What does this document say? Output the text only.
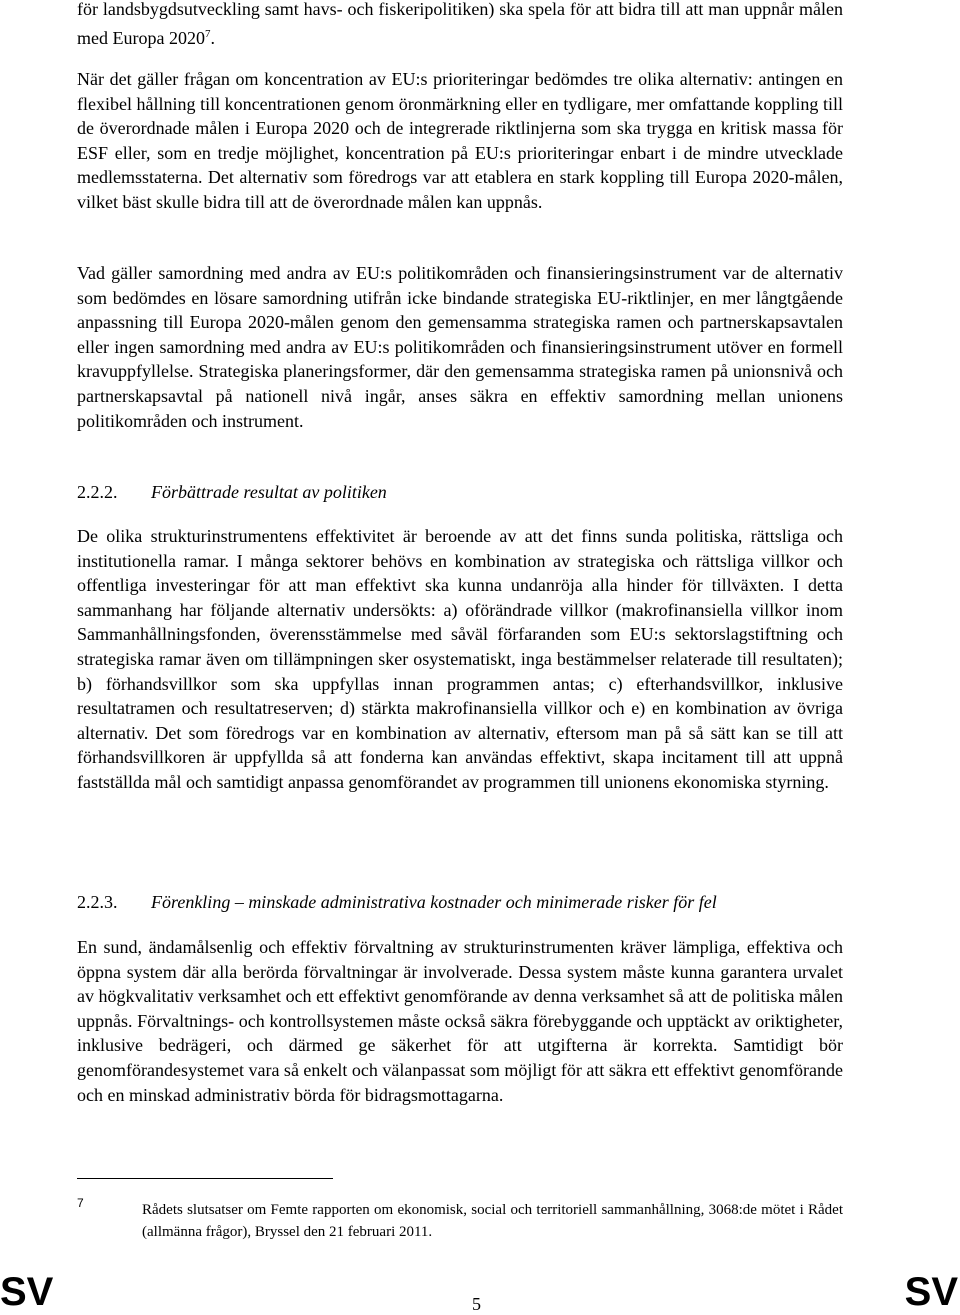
för landsbygdsutveckling samt havs- och fiskeripolitiken) ska spela för att bidra till att man uppnår målen med Europa 2020$^7$.

När det gäller frågan om koncentration av EU:s prioriteringar bedömdes tre olika alternativ: antingen en flexibel hållning till koncentrationen genom öronmärkning eller en tydligare, mer omfattande koppling till de överordnade målen i Europa 2020 och de integrerade riktlinjerna som ska trygga en kritisk massa för ESF eller, som en tredje möjlighet, koncentration på EU:s prioriteringar enbart i de mindre utvecklade medlemsstaterna. Det alternativ som föredrogs var att etablera en stark koppling till Europa 2020-målen, vilket bäst skulle bidra till att de överordnade målen kan uppnås.

Vad gäller samordning med andra av EU:s politikområden och finansieringsinstrument var de alternativ som bedömdes en lösare samordning utifrån icke bindande strategiska EU-riktlinjer, en mer långtgående anpassning till Europa 2020-målen genom den gemensamma strategiska ramen och partnerskapsavtalen eller ingen samordning med andra av EU:s politikområden och finansieringsinstrument utöver en formell kravuppfyllelse. Strategiska planeringsformer, där den gemensamma strategiska ramen på unionsnivå och partnerskapsavtal på nationell nivå ingår, anses säkra en effektiv samordning mellan unionens politikområden och instrument.

2.2.2. Förbättrade resultat av politiken

De olika strukturinstrumentens effektivitet är beroende av att det finns sunda politiska, rättsliga och institutionella ramar. I många sektorer behövs en kombination av strategiska och rättsliga villkor och offentliga investeringar för att man effektivt ska kunna undanröja alla hinder för tillväxten. I detta sammanhang har följande alternativ undersökts: a) oförändrade villkor (makrofinansiella villkor inom Sammanhållningsfonden, överensstämmelse med såväl förfaranden som EU:s sektorslagstiftning och strategiska ramar även om tillämpningen sker osystematiskt, inga bestämmelser relaterade till resultaten); b) förhandsvillkor som ska uppfyllas innan programmen antas; c) efterhandsvillkor, inklusive resultatramen och resultatreserven; d) stärkta makrofinansiella villkor och e) en kombination av övriga alternativ. Det som föredrogs var en kombination av alternativ, eftersom man på så sätt kan se till att förhandsvillkoren är uppfyllda så att fonderna kan användas effektivt, skapa incitament till att uppnå fastställda mål och samtidigt anpassa genomförandet av programmen till unionens ekonomiska styrning.

2.2.3. Förenkling – minskade administrativa kostnader och minimerade risker för fel

En sund, ändamålsenlig och effektiv förvaltning av strukturinstrumenten kräver lämpliga, effektiva och öppna system där alla berörda förvaltningar är involverade. Dessa system måste kunna garantera urvalet av högkvalitativ verksamhet och ett effektivt genomförande av denna verksamhet så att de politiska målen uppnås. Förvaltnings- och kontrollsystemen måste också säkra förebyggande och upptäckt av oriktigheter, inklusive bedrägeri, och därmed ge säkerhet för att utgifterna är korrekta. Samtidigt bör genomförandesystemet vara så enkelt och välanpassat som möjligt för att säkra ett effektivt genomförande och en minskad administrativ börda för bidragsmottagarna.

7	Rådets slutsatser om Femte rapporten om ekonomisk, social och territoriell sammanhållning, 3068:de mötet i Rådet (allmänna frågor), Bryssel den 21 februari 2011.
SV	5	SV
